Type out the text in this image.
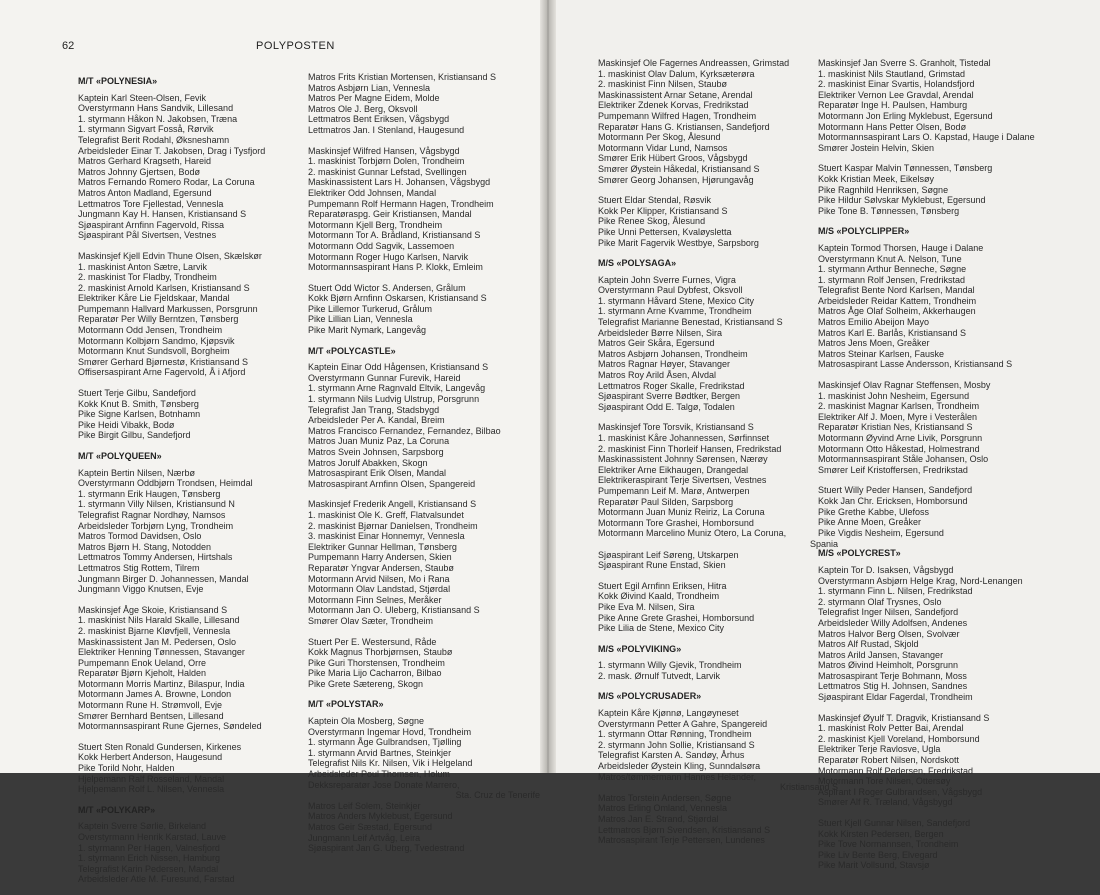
62	POLYPOSTEN
M/T «POLYNESIA»
Kaptein Karl Steen-Olsen, Fevik
Overstyrmann Hans Sandvik, Lillesand
1. styrmann Håkon N. Jakobsen, Træna
1. styrmann Sigvart Fosså, Rørvik
Telegrafist Berit Rodahl, Øksneshamn
Arbeidsleder Einar T. Jakobsen, Drag i Tysfjord
Matros Gerhard Kragseth, Hareid
Matros Johnny Gjertsen, Bodø
Matros Fernando Romero Rodar, La Coruna
Matros Anton Madland, Egersund
Lettmatros Tore Fjellestad, Vennesla
Jungmann Kay H. Hansen, Kristiansand S
Sjøaspirant Arnfinn Fagervold, Rissa
Sjøaspirant Pål Sivertsen, Vestnes
Maskinsjef Kjell Edvin Thune Olsen, Skælskør
1. maskinist Anton Sætre, Larvik
2. maskinist Tor Fladby, Trondheim
2. maskinist Arnold Karlsen, Kristiansand S
Elektriker Kåre Lie Fjeldskaar, Mandal
Pumpemann Hallvard Markussen, Porsgrunn
Reparatør Per Willy Berntzen, Tønsberg
Motormann Odd Jensen, Trondheim
Motormann Kolbjørn Sandmo, Kjøpsvik
Motormann Knut Sundsvoll, Borgheim
Smører Gerhard Bjørnestø, Kristiansand S
Offisersaspirant Arne Fagervold, Å i Afjord
Stuert Terje Gilbu, Sandefjord
Kokk Knut B. Smith, Tønsberg
Pike Signe Karlsen, Botnhamn
Pike Heidi Vibakk, Bodø
Pike Birgit Gilbu, Sandefjord
M/T «POLYQUEEN»
Kaptein Bertin Nilsen, Nærbø
Overstyrmann Oddbjørn Trondsen, Heimdal
1. styrmann Erik Haugen, Tønsberg
1. styrmann Villy Nilsen, Kristiansund N
Telegrafist Ragnar Nordhøy, Namsos
Arbeidsleder Torbjørn Lyng, Trondheim
Matros Tormod Davidsen, Oslo
Matros Bjørn H. Stang, Notodden
Lettmatros Tommy Andersen, Hirtshals
Lettmatros Stig Rottem, Tilrem
Jungmann Birger D. Johannessen, Mandal
Jungmann Viggo Knutsen, Evje
Maskinsjef Åge Skoie, Kristiansand S
1. maskinist Nils Harald Skalle, Lillesand
2. maskinist Bjarne Kløvfjell, Vennesla
Maskinassistent Jan M. Pedersen, Oslo
Elektriker Henning Tønnessen, Stavanger
Pumpemann Enok Ueland, Orre
Reparatør Bjørn Kjeholt, Halden
Motormann Morris Martinz, Bilaspur, India
Motormann James A. Browne, London
Motormann Rune H. Strømvoll, Evje
Smører Bernhard Bentsen, Lillesand
Motormannsaspirant Rune Gjernes, Søndeled
Stuert Sten Ronald Gundersen, Kirkenes
Kokk Herbert Anderson, Haugesund
Pike Torild Nohr, Halden
Hjelpemann Ralf Rosseland, Mandal
Hjelpemann Rolf L. Nilsen, Vennesla
M/T «POLYKARP»
Kaptein Sverre Sørlie, Birkeland
Overstyrmann Henrik Karstad, Lauve
1. styrmann Per Hagen, Valnesfjord
1. styrmann Erich Nissen, Hamburg
Telegrafist Karin Pedersen, Mandal
Arbeidsleder Atle M. Furesund, Farstad
Matros Frits Kristian Mortensen, Kristiansand S
Matros Asbjørn Lian, Vennesla
Matros Per Magne Eidem, Molde
Matros Ole J. Berg, Oksvoll
Lettmatros Bent Eriksen, Vågsbygd
Lettmatros Jan. I Stenland, Haugesund
Maskinsjef Wilfred Hansen, Vågsbygd
1. maskinist Torbjørn Dolen, Trondheim
2. maskinist Gunnar Lefstad, Svellingen
Maskinassistent Lars H. Johansen, Vågsbygd
Elektriker Odd Johnsen, Mandal
Pumpemann Rolf Hermann Hagen, Trondheim
Reparatøraspg. Geir Kristiansen, Mandal
Motormann Kjell Berg, Trondheim
Motormann Tor A. Brådland, Kristiansand S
Motormann Odd Sagvik, Lassemoen
Motormann Roger Hugo Karlsen, Narvik
Motormannsaspirant Hans P. Klokk, Emleim
Stuert Odd Wictor S. Andersen, Grålum
Kokk Bjørn Arnfinn Oskarsen, Kristiansand S
Pike Lillemor Turkerud, Grålum
Pike Lillian Lian, Vennesla
Pike Marit Nymark, Langevåg
M/T «POLYCASTLE»
Kaptein Einar Odd Hågensen, Kristiansand S
Overstyrmann Gunnar Furevik, Hareid
1. styrmann Arne Ragnvald Eltvik, Langevåg
1. styrmann Nils Ludvig Ulstrup, Porsgrunn
Telegrafist Jan Trang, Stadsbygd
Arbeidsleder Per A. Kandal, Breim
Matros Francisco Fernandez, Fernandez, Bilbao
Matros Juan Muniz Paz, La Coruna
Matros Svein Johnsen, Sarpsborg
Matros Jorulf Abakken, Skogn
Matrosaspirant Erik Olsen, Mandal
Matrosaspirant Arnfinn Olsen, Spangereid
Maskinsjef Frederik Angell, Kristiansand S
1. maskinist Ole K. Greff, Flatvalsundet
2. maskinist Bjørnar Danielsen, Trondheim
3. maskinist Einar Honnemyr, Vennesla
Elektriker Gunnar Hellman, Tønsberg
Pumpemann Harry Andersen, Skien
Reparatør Yngvar Andersen, Staubø
Motormann Arvid Nilsen, Mo i Rana
Motormann Olav Landstad, Stjørdal
Motormann Finn Selnes, Meråker
Motormann Jan O. Uleberg, Kristiansand S
Smører Olav Sæter, Trondheim
Stuert Per E. Westersund, Råde
Kokk Magnus Thorbjørnsen, Staubø
Pike Guri Thorstensen, Trondheim
Pike Maria Lijo Cacharron, Bilbao
Pike Grete Sætereng, Skogn
M/T «POLYSTAR»
Kaptein Ola Mosberg, Søgne
Overstyrmann Ingemar Hovd, Trondheim
1. styrmann Åge Gulbrandsen, Tjølling
1. styrmann Arvid Bartnes, Steinkjer
Telegrafist Nils Kr. Nilsen, Vik i Helgeland
Arbeidsleder Poul Thomsen, Holum
Dekksreparatør Jose Donate Marrero,
Sta. Cruz de Tenerife
Matros Leif Solem, Steinkjer
Matros Anders Myklebust, Egersund
Matros Geir Sæstad, Egersund
Jungmann Leif Artvåg, Leira
Sjøaspirant Jan G. Uberg, Tvedestrand
Maskinsjef Ole Fagernes Andreassen, Grimstad
1. maskinist Olav Dalum, Kyrksæterøra
2. maskinist Finn Nilsen, Staubø
Maskinassistent Arnar Setane, Arendal
Elektriker Zdenek Korvas, Fredrikstad
Pumpemann Wilfred Hagen, Trondheim
Reparatør Hans G. Kristiansen, Sandefjord
Motormann Per Skog, Ålesund
Motormann Vidar Lund, Namsos
Smører Erik Hübert Groos, Vågsbygd
Smører Øystein Håkedal, Kristiansand S
Smører Georg Johansen, Hjørungavåg
Stuert Eldar Stendal, Røsvik
Kokk Per Klipper, Kristiansand S
Pike Renee Skog, Ålesund
Pike Unni Pettersen, Kvaløysletta
Pike Marit Fagervik Westbye, Sarpsborg
M/S «POLYSAGA»
Kaptein John Sverre Furnes, Vigra
Overstyrmann Paul Dybfest, Oksvoll
1. styrmann Håvard Stene, Mexico City
1. styrmann Arne Kvamme, Trondheim
Telegrafist Marianne Benestad, Kristiansand S
Arbeidsleder Børre Nilsen, Sira
Matros Geir Skåra, Egersund
Matros Asbjørn Johansen, Trondheim
Matros Ragnar Høyer, Stavanger
Matros Roy Arild Åsen, Alvdal
Lettmatros Roger Skalle, Fredrikstad
Sjøaspirant Sverre Bødtker, Bergen
Sjøaspirant Odd E. Talgø, Todalen
Maskinsjef Tore Torsvik, Kristiansand S
1. maskinist Kåre Johannessen, Sørfinnset
2. maskinist Finn Thorleif Hansen, Fredrikstad
Maskinassistent Johnny Sørensen, Nærøy
Elektriker Arne Eikhaugen, Drangedal
Elektrikeraspirant Terje Sivertsen, Vestnes
Pumpemann Leif M. Marø, Antwerpen
Reparatør Paul Silden, Sarpsborg
Motormann Juan Muniz Reiriz, La Coruna
Motormann Tore Grashei, Homborsund
Motormann Marcelino Muniz Otero, La Coruna,
Spania
Sjøaspirant Leif Søreng, Utskarpen
Sjøaspirant Rune Enstad, Skien
Stuert Egil Arnfinn Eriksen, Hitra
Kokk Øivind Kaald, Trondheim
Pike Eva M. Nilsen, Sira
Pike Anne Grete Grashei, Homborsund
Pike Lilia de Stene, Mexico City
M/S «POLYVIKING»
1. styrmann Willy Gjevik, Trondheim
2. mask. Ørnulf Tutvedt, Larvik
M/S «POLYCRUSADER»
Kaptein Kåre Kjønnø, Langøyneset
Overstyrmann Petter A Gahre, Spangereid
1. styrmann Ottar Rønning, Trondheim
2. styrmann John Sollie, Kristiansand S
Telegrafist Karsten A. Sandøy, Århus
Arbeidsleder Øystein Kling, Sunndalsøra
Matros/tømmermann Hannes Helander,
Kristiansand S
Matros Torstein Andersen, Søgne
Matros Erling Omland, Vennesla
Matros Jan E. Strand, Stjørdal
Lettmatros Bjørn Svendsen, Kristiansand S
Matrosaspirant Terje Pettersen, Lundenes
Maskinsjef Jan Sverre S. Granholt, Tistedal
1. maskinist Nils Stautland, Grimstad
2. maskinist Einar Svartis, Holandsfjord
Elektriker Vernon Lee Gravdal, Arendal
Reparatør Inge H. Paulsen, Hamburg
Motormann Jon Erling Myklebust, Egersund
Motormann Hans Petter Olsen, Bodø
Motormannsaspirant Lars O. Kapstad, Hauge i Dalane
Smører Jostein Helvin, Skien
Stuert Kaspar Malvin Tønnessen, Tønsberg
Kokk Kristian Meek, Eikelsøy
Pike Ragnhild Henriksen, Søgne
Pike Hildur Sølvskar Myklebust, Egersund
Pike Tone B. Tønnessen, Tønsberg
M/S «POLYCLIPPER»
Kaptein Tormod Thorsen, Hauge i Dalane
Overstyrmann Knut A. Nelson, Tune
1. styrmann Arthur Benneche, Søgne
1. styrmann Rolf Jensen, Fredrikstad
Telegrafist Bente Nord Karlsen, Mandal
Arbeidsleder Reidar Kattem, Trondheim
Matros Åge Olaf Solheim, Akkerhaugen
Matros Emilio Abeijon Mayo
Matros Karl E. Barlås, Kristiansand S
Matros Jens Moen, Greåker
Matros Steinar Karlsen, Fauske
Matrosaspirant Lasse Andersson, Kristiansand S
Maskinsjef Olav Ragnar Steffensen, Mosby
1. maskinist John Nesheim, Egersund
2. maskinist Magnar Karlsen, Trondheim
Elektriker Alf J. Moen, Myre i Vesterålen
Reparatør Kristian Nes, Kristiansand S
Motormann Øyvind Arne Livik, Porsgrunn
Motormann Otto Håkestad, Holmestrand
Motormannsaspirant Ståle Johansen, Oslo
Smører Leif Kristoffersen, Fredrikstad
Stuert Willy Peder Hansen, Sandefjord
Kokk Jan Chr. Ericksen, Homborsund
Pike Grethe Kabbe, Ulefoss
Pike Anne Moen, Greåker
Pike Vigdis Nesheim, Egersund
M/S «POLYCREST»
Kaptein Tor D. Isaksen, Vågsbygd
Overstyrmann Asbjørn Helge Krag, Nord-Lenangen
1. styrmann Finn L. Nilsen, Fredrikstad
2. styrmann Olaf Trysnes, Oslo
Telegrafist Inger Nilsen, Sandefjord
Arbeidsleder Willy Adolfsen, Andenes
Matros Halvor Berg Olsen, Svolvær
Matros Alf Rustad, Skjold
Matros Arild Jansen, Stavanger
Matros Øivind Heimholt, Porsgrunn
Matrosaspirant Terje Bohmann, Moss
Lettmatros Stig H. Johnsen, Sandnes
Sjøaspirant Eldar Fagerdal, Trondheim
Maskinsjef Øyulf T. Dragvik, Kristiansand S
1. maskinist Rolv Petter Bai, Arendal
2. maskinist Kjell Voreland, Homborsund
Elektriker Terje Ravlosve, Ugla
Reparatør Robert Nilsen, Nordskott
Motormann Rolf Pedersen, Fredrikstad
Motormann Tore Nilsen, Ottersøy
Aspirant I Roger Gulbrandsen, Vågsbygd
Smører Alf R. Træland, Vågsbygd
Stuert Kjell Gunnar Nilsen, Sandefjord
Kokk Kirsten Pedersen, Bergen
Pike Tove Normannsen, Trondheim
Pike Liv Bente Berg, Elvegard
Pike Marit Vollsund, Stavsjø
